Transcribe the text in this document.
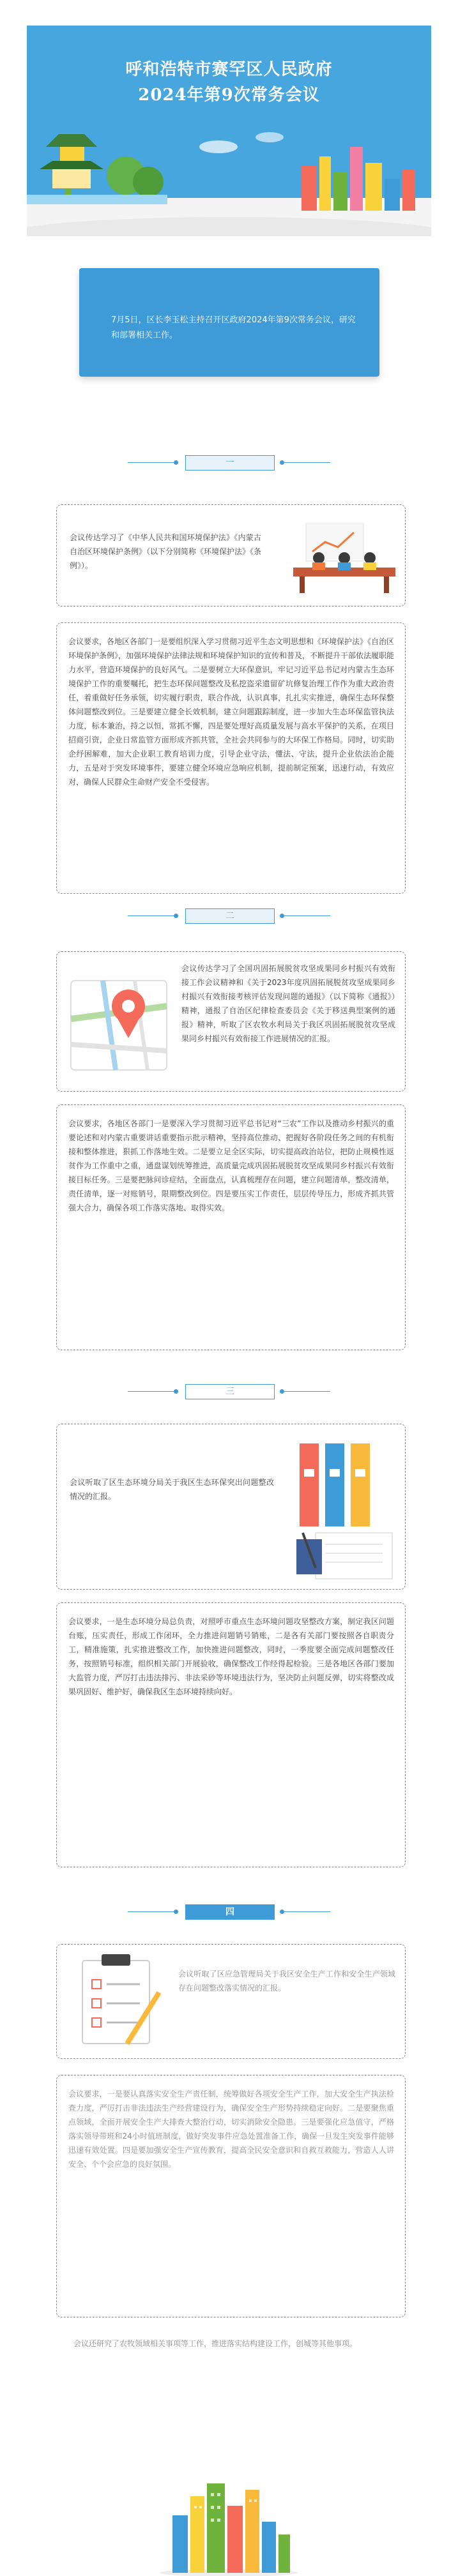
呼和浩特市赛罕区人民政府
2024年第9次常务会议

7月5日，区长李玉松主持召开区政府2024年第9次常务会议，研究和部署相关工作。

一

会议传达学习了《中华人民共和国环境保护法》《内蒙古自治区环境保护条例》（以下分别简称《环境保护法》《条例》）。

会议要求，各地区各部门一是要组织深入学习贯彻习近平生态文明思想和《环境保护法》《自治区环境保护条例》，加强环境保护法律法规和环境保护知识的宣传和普及，不断提升干部依法履职能力水平，营造环境保护的良好风气。二是要树立大环保意识，牢记习近平总书记对内蒙古生态环境保护工作的重要嘱托，把生态环保问题整改及私挖盗采遗留矿坑修复治理工作作为重大政治责任，着重做好任务承领，切实履行职责，联合作战，认识真事，扎扎实实推进，确保生态环保整体问题整改到位。三是要建立健全长效机制，建立问题跟踪制度，进一步加大生态环保监管执法力度，标本兼治，持之以恒，常抓不懈，四是要处理好高质量发展与高水平保护的关系，在项目招商引资，企业日常监管方面形成齐抓共管，全社会共同参与的大环保工作格局。同时，切实助企纾困解难，加大企业职工教育培训力度，引导企业守法，懂法、守法，提升企业依法治企能力，五是对于突发环境事件，要建立健全环境应急响应机制，提前制定预案，迅速行动，有效应对，确保人民群众生命财产安全不受侵害。

二

会议传达学习了全国巩固拓展脱贫攻坚成果同乡村振兴有效衔接工作会议精神和《关于2023年度巩固拓展脱贫攻坚成果同乡村振兴有效衔接考核评估发现问题的通报》（以下简称《通报》）精神，通报了自治区纪律检查委员会《关于移送典型案例的通报》精神，听取了区农牧水利局关于我区巩固拓展脱贫攻坚成果同乡村振兴有效衔接工作进展情况的汇报。

会议要求，各地区各部门一是要深入学习贯彻习近平总书记对“三农”工作以及推动乡村振兴的重要论述和对内蒙古重要讲话重要指示批示精神，坚持高位推动、把握好各阶段任务之间的有机衔接和整体推进，狠抓工作落地生效。二是要立足全区实际，切实提高政治站位，把防止规模性返贫作为工作重中之重，通盘谋划统筹推进，高质量完成巩固拓展脱贫攻坚成果同乡村振兴有效衔接目标任务。三是要把脉问诊症结，全面盘点，认真梳理存在问题，建立问题清单，整改清单，责任清单，逐一对账销号，限期整改到位。四是要压实工作责任，层层传导压力，形成齐抓共管强大合力，确保各项工作落实落地、取得实效。

三

会议听取了区生态环境分局关于我区生态环保突出问题整改情况的汇报。

会议要求，一是生态环境分局总负责，对照呼市重点生态环境问题攻坚整改方案，制定我区问题台账，压实责任，形成工作闭环，全力推进问题销号销账，二是各有关部门要按照各自职责分工，精准施策，扎实推进整改工作，加快推进问题整改，同时，一季度要全面完成问题整改任务，按照销号标准，组织相关部门开展验收，确保整改工作经得起检验。三是各地区各部门要加大监管力度，严厉打击违法排污、非法采砂等环境违法行为，坚决防止问题反弹，切实将整改成果巩固好、维护好，确保我区生态环境持续向好。

四

会议听取了区应急管理局关于我区安全生产工作和安全生产领域存在问题整改落实情况的汇报。

会议要求，一是要认真落实安全生产责任制，统筹做好各项安全生产工作，加大安全生产执法检查力度，严厉打击非法违法生产经营建设行为，确保安全生产形势持续稳定向好。二是要聚焦重点领域，全面开展安全生产大排查大整治行动，切实消除安全隐患。三是要强化应急值守，严格落实领导带班和24小时值班制度，做好突发事件应急处置准备工作，确保一旦发生突发事件能够迅速有效处置。四是要加强安全生产宣传教育，提高全民安全意识和自救互救能力，营造人人讲安全、个个会应急的良好氛围。

会议还研究了农牧领域相关事项等工作，推进落实结构建设工作，创城等其他事项。
